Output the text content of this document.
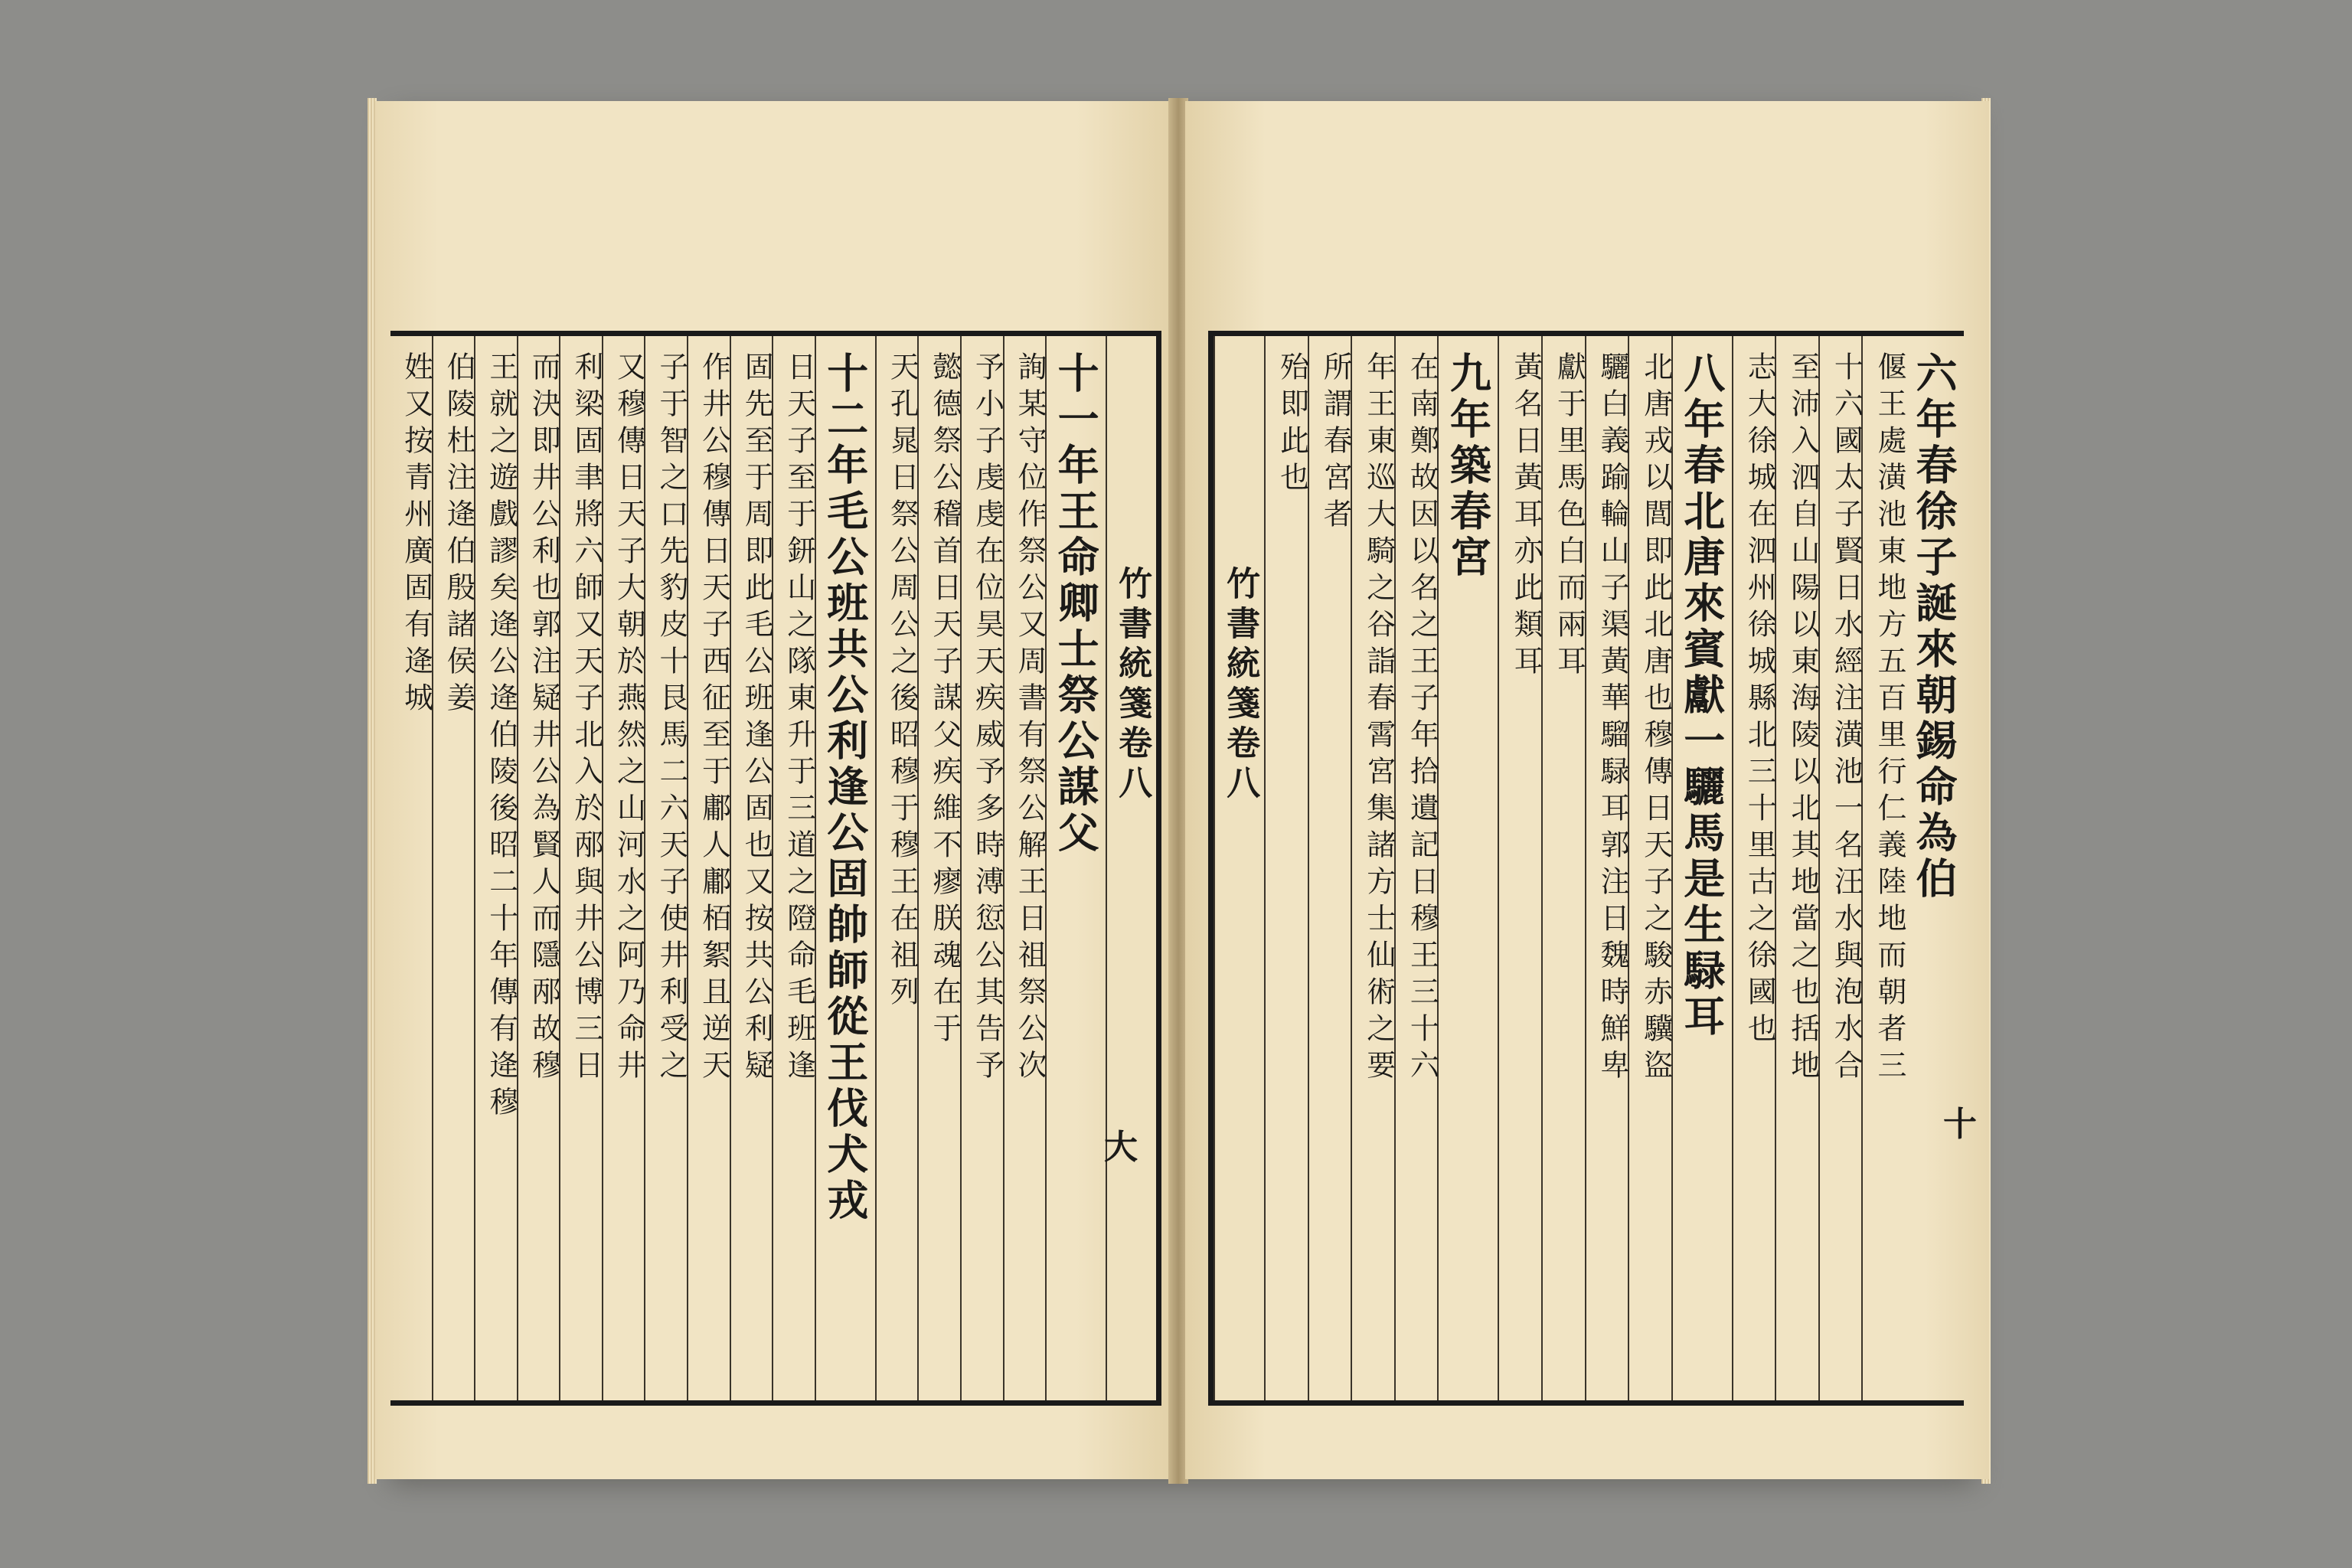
姓又按青州廣固有逄城 伯陵杜注逄伯殷諸侯姜 王就之遊戲謬矣逄公逄伯陵後昭二十年傳有逄穆 而決即井公利也郭注疑井公為賢人而隱邴故穆 利梁固聿將六師又天子北入於邴與井公博三日 又穆傳日天子大朝於燕然之山河水之阿乃命井 子于智之口先豹皮十艮馬二六天子使井利受之 作井公穆傳日天子西征至于鄘人鄘栢絮且逆天 固先至于周即此毛公班逢公固也又按共公利疑 日天子至于鈃山之隊東升于三道之隥命毛班逢 十二年毛公班共公利逢公固帥師從王伐犬戎 天孔晁日祭公周公之後昭穆于穆王在祖列 懿德祭公稽首日天子謀父疾維不瘳朕魂在于 予小子虔虔在位昊天疾威予多時溥愆公其告予 詢某守位作祭公又周書有祭公解王日祖祭公次 十一年王命卿士祭公謀父 竹書統箋卷八
大
六年春徐子誕來朝錫命為伯
偃王處潢池東地方五百里行仁義陸地而朝者三
十六國太子賢日水經注潢池一名汪水與泡水合
至沛入泗自山陽以東海陵以北其地當之也括地
志大徐城在泗州徐城縣北三十里古之徐國也
八年春北唐來賓獻一驪馬是生騄耳
北唐戎以閭即此北唐也穆傳日天子之駿赤驥盜
驪白義踰輪山子渠黃華騮騄耳郭注日魏時鮮卑
獻于里馬色白而兩耳
黃名日黃耳亦此類耳
九年築春宮
在南鄭故因以名之王子年拾遺記日穆王三十六
年王東巡大騎之谷詣春霄宮集諸方士仙術之要
所謂春宮者
殆即此也
竹書統箋卷八
十
